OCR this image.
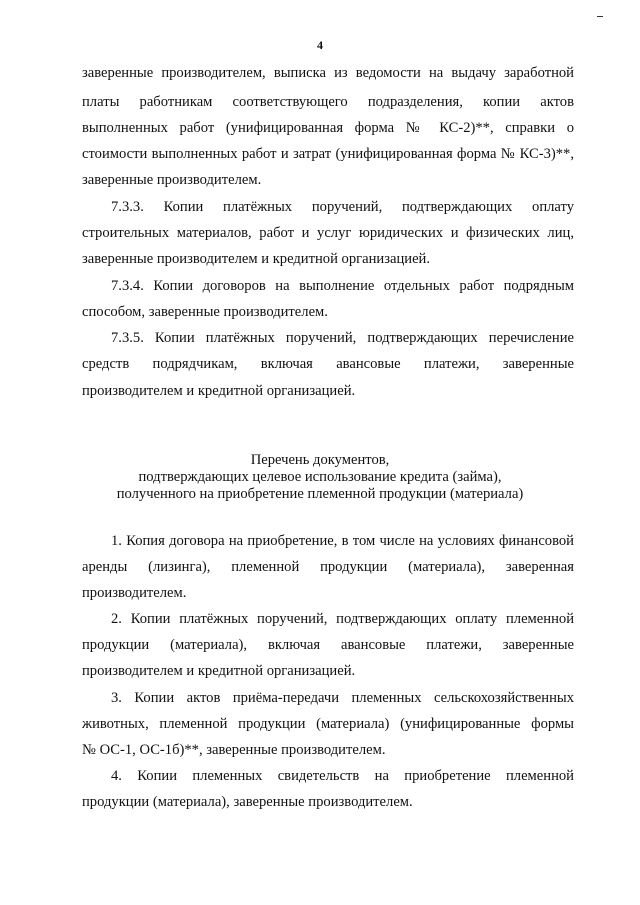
4
заверенные производителем, выписка из ведомости на выдачу заработной
платы работникам соответствующего подразделения, копии актов
выполненных работ (унифицированная форма № КС-2)**, справки о
стоимости выполненных работ и затрат (унифицированная форма № КС-3)**,
заверенные производителем.
7.3.3. Копии платёжных поручений, подтверждающих оплату
строительных материалов, работ и услуг юридических и физических лиц,
заверенные производителем и кредитной организацией.
7.3.4. Копии договоров на выполнение отдельных работ подрядным
способом, заверенные производителем.
7.3.5. Копии платёжных поручений, подтверждающих перечисление
средств подрядчикам, включая авансовые платежи, заверенные
производителем и кредитной организацией.
Перечень документов,
подтверждающих целевое использование кредита (займа),
полученного на приобретение племенной продукции (материала)
1. Копия договора на приобретение, в том числе на условиях финансовой
аренды (лизинга), племенной продукции (материала), заверенная
производителем.
2. Копии платёжных поручений, подтверждающих оплату племенной
продукции (материала), включая авансовые платежи, заверенные
производителем и кредитной организацией.
3. Копии актов приёма-передачи племенных сельскохозяйственных
животных, племенной продукции (материала) (унифицированные формы
№ ОС-1, ОС-1б)**, заверенные производителем.
4. Копии племенных свидетельств на приобретение племенной
продукции (материала), заверенные производителем.
